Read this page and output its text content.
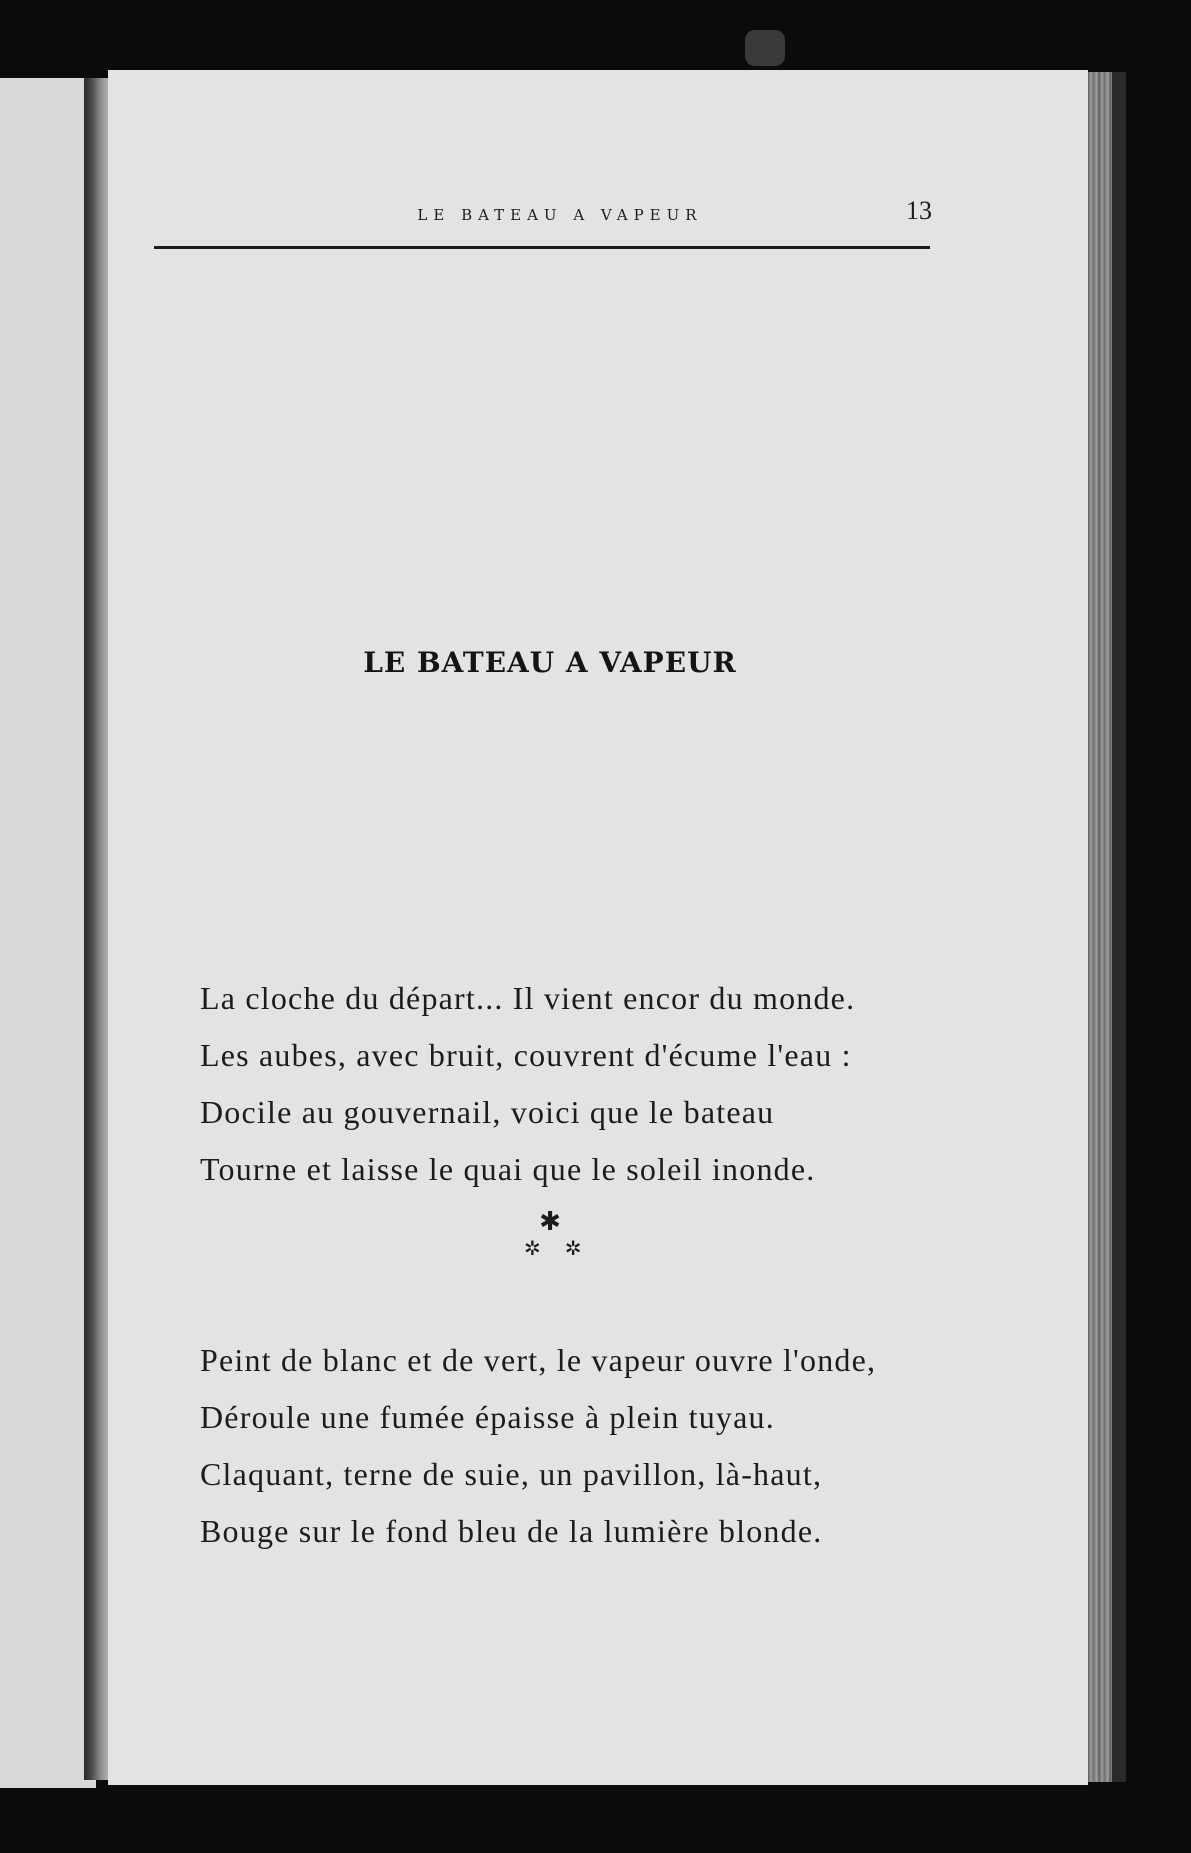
LE BATEAU A VAPEUR	13
LE BATEAU A VAPEUR
La cloche du départ... Il vient encor du monde.
Les aubes, avec bruit, couvrent d'écume l'eau :
Docile au gouvernail, voici que le bateau
Tourne et laisse le quai que le soleil inonde.
✱
✲✲
Peint de blanc et de vert, le vapeur ouvre l'onde,
Déroule une fumée épaisse à plein tuyau.
Claquant, terne de suie, un pavillon, là-haut,
Bouge sur le fond bleu de la lumière blonde.
